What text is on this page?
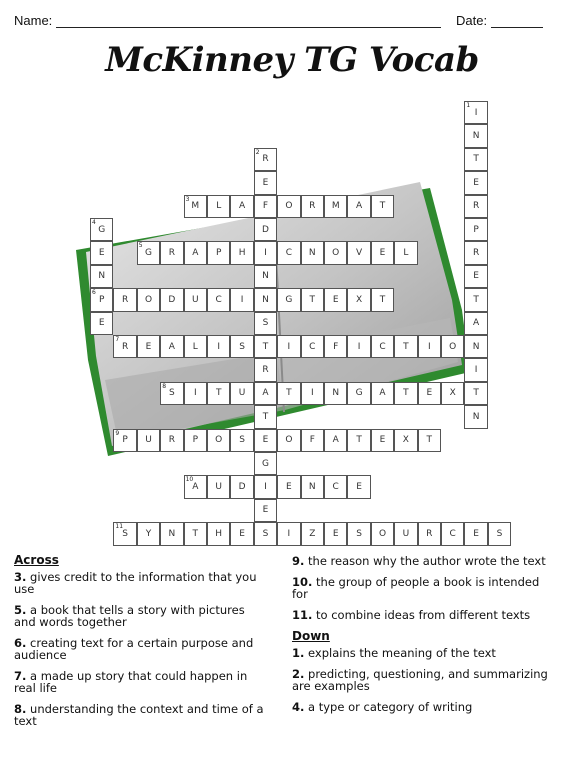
Name:	Date:
McKinney TG Vocab
M
3
L A F O R M A T
G
5
R A P H I C N O V E L
P
6
R O D U C I N G T E X T
R
7
E A L I S T I C F I C T I O N
S
8
I T U A T I N G A T E X T
P
9
U R P O S E O F A T E X T
A
10
U D I E N C E
S
11
Y N T H E S I Z E S O U R C E S
I
1
N
T
E
R
P
R
E
T
A
I
N
R
2
E
D
N
S
R
T
G
E
G
4
E
N
E
Across
3. gives credit to the information that you use
5. a book that tells a story with pictures and words together
6. creating text for a certain purpose and audience
7. a made up story that could happen in real life
8. understanding the context and time of a text
9. the reason why the author wrote the text
10. the group of people a book is intended for
11. to combine ideas from different texts
Down
1. explains the meaning of the text
2. predicting, questioning, and summarizing are examples
4. a type or category of writing
